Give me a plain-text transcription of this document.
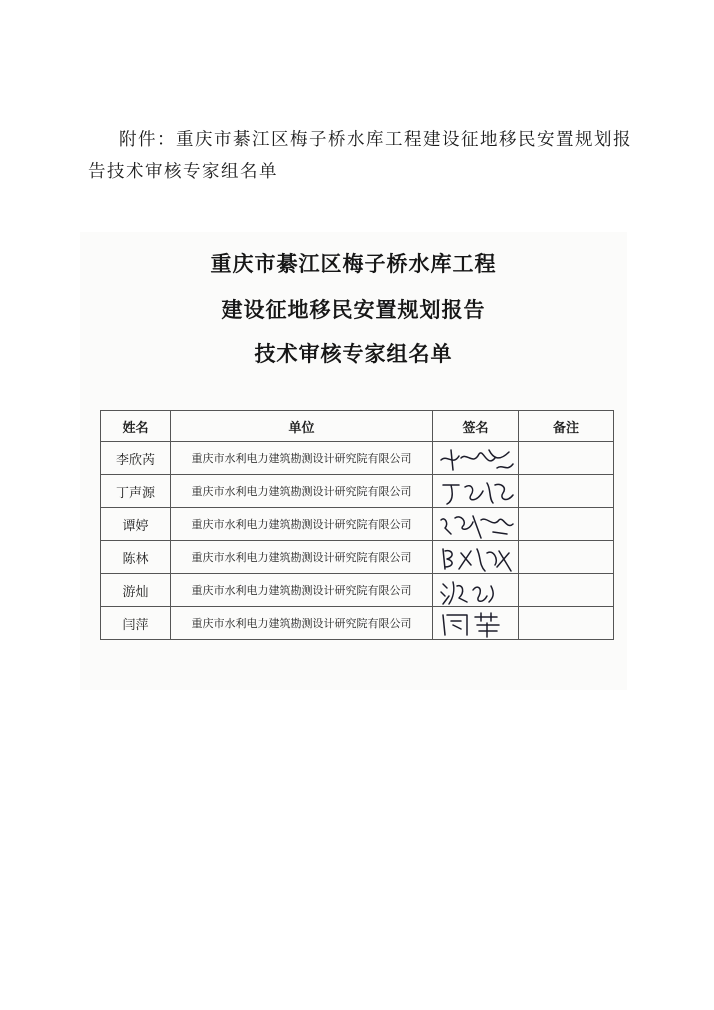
附件：重庆市綦江区梅子桥水库工程建设征地移民安置规划报告技术审核专家组名单
重庆市綦江区梅子桥水库工程
建设征地移民安置规划报告
技术审核专家组名单
姓名	单位	签名	备注
李欣芮	重庆市水利电力建筑勘测设计研究院有限公司	

丁声源	重庆市水利电力建筑勘测设计研究院有限公司	

谭婷	重庆市水利电力建筑勘测设计研究院有限公司	

陈林	重庆市水利电力建筑勘测设计研究院有限公司	

游灿	重庆市水利电力建筑勘测设计研究院有限公司	

闫萍	重庆市水利电力建筑勘测设计研究院有限公司	
